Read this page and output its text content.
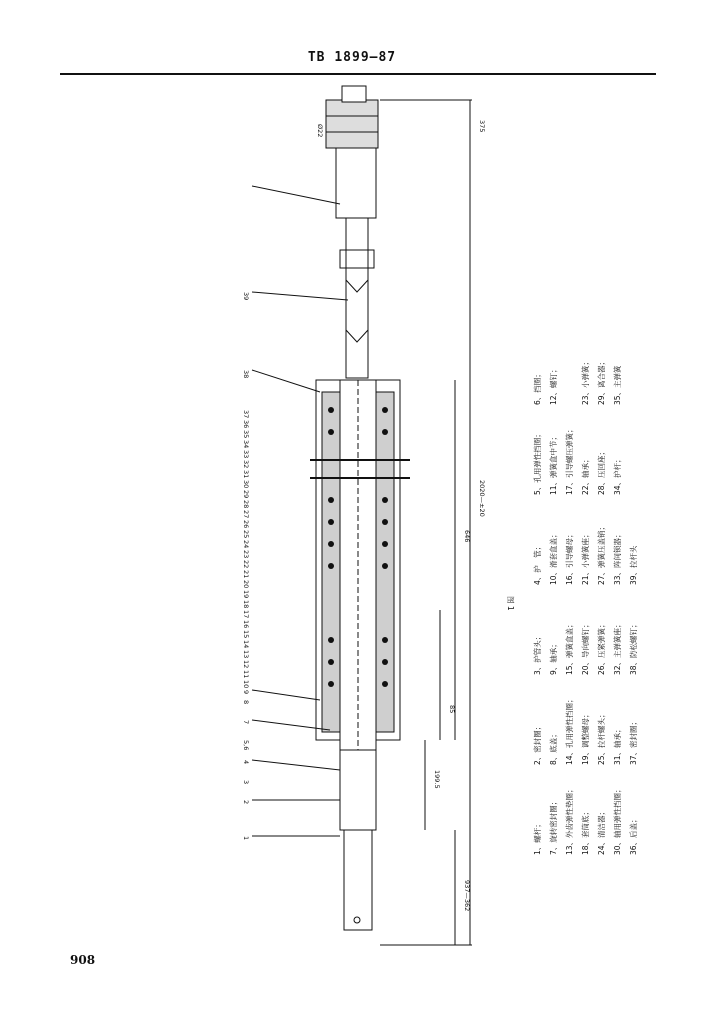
TB 1899—87
375
Ø22
2020—±20
646
85
199.5
937—362
1
2
3
4
5,6
7
8
9
10
11
12
13
14
15
16
17
18
19
20
21
22
23
24
25
26
27
28
29
30
31
32
33
34
35
36
37
38
39
1、螺杆；
2、密封圈；
3、护管头；
4、护　管；
5、孔用弹性挡圈；
6、挡圈；
7、旋转密封圈；
8、底盖；
9、轴承；
10、滑套盒盖；
11、弹簧盒中节；
12、螺钉；
13、外齿弹性垫圈；
14、孔用弹性挡圈；
15、弹簧盒盖；
16、引导螺母；
17、引导螺压弹簧；
18、套筒底；
19、调整螺母；
20、导向螺钉；
21、小弹簧座；
22、轴承；
23、小弹簧；
24、清洁器；
25、拉杆螺头；
26、压紧弹簧；
27、弹簧压盖销；
28、压回座；
29、离合器；
30、轴用弹性挡圈；
31、轴承；
32、主弹簧座；
33、阵间锁器；
34、护杆；
35、主弹簧
36、后盖；
37、密封圈；
38、防松螺钉；
39、拉杆头
图 1
908
